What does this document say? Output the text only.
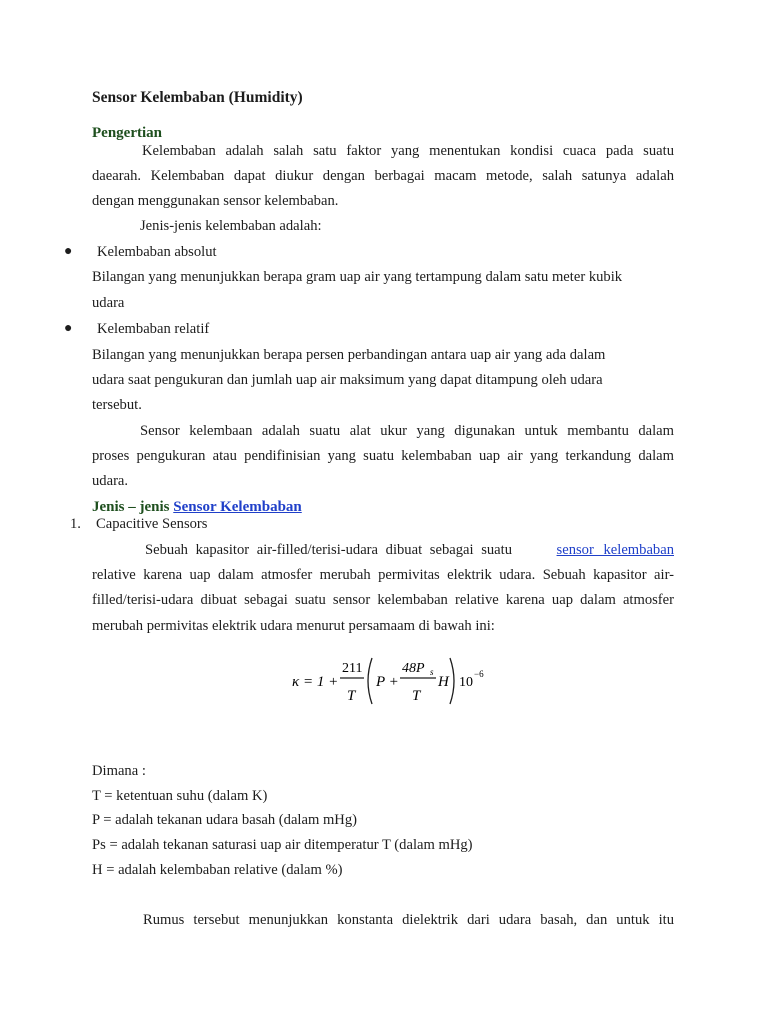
Sensor Kelembaban (Humidity)
Pengertian
Kelembaban adalah salah satu faktor yang menentukan kondisi cuaca pada suatu
daearah. Kelembaban dapat diukur dengan berbagai macam metode, salah satunya adalah
dengan menggunakan sensor kelembaban.
Jenis-jenis kelembaban adalah:
● Kelembaban absolut
Bilangan yang menunjukkan berapa gram uap air yang tertampung dalam satu meter kubik
udara
● Kelembaban relatif
Bilangan yang menunjukkan berapa persen perbandingan antara uap air yang ada dalam
udara saat pengukuran dan jumlah uap air maksimum yang dapat ditampung oleh udara
tersebut.
Sensor kelembaan adalah suatu alat ukur yang digunakan untuk membantu dalam
proses pengukuran atau pendifinisian yang suatu kelembaban uap air yang terkandung dalam
udara.
Jenis – jenis Sensor Kelembaban
1. Capacitive Sensors
Sebuah kapasitor air-filled/terisi-udara dibuat sebagai suatu	sensor kelembaban
relative karena uap dalam atmosfer merubah permivitas elektrik udara. Sebuah kapasitor air-
filled/terisi-udara dibuat sebagai suatu sensor kelembaban relative karena uap dalam atmosfer
merubah permivitas elektrik udara menurut persamaam di bawah ini:
κ = 1 +
211
T
P +
48P s
T
H 10
−6
Dimana :
T = ketentuan suhu (dalam K)
P = adalah tekanan udara basah (dalam mHg)
Ps = adalah tekanan saturasi uap air ditemperatur T (dalam mHg)
H = adalah kelembaban relative (dalam %)
Rumus tersebut menunjukkan konstanta dielektrik dari udara basah, dan untuk itu
